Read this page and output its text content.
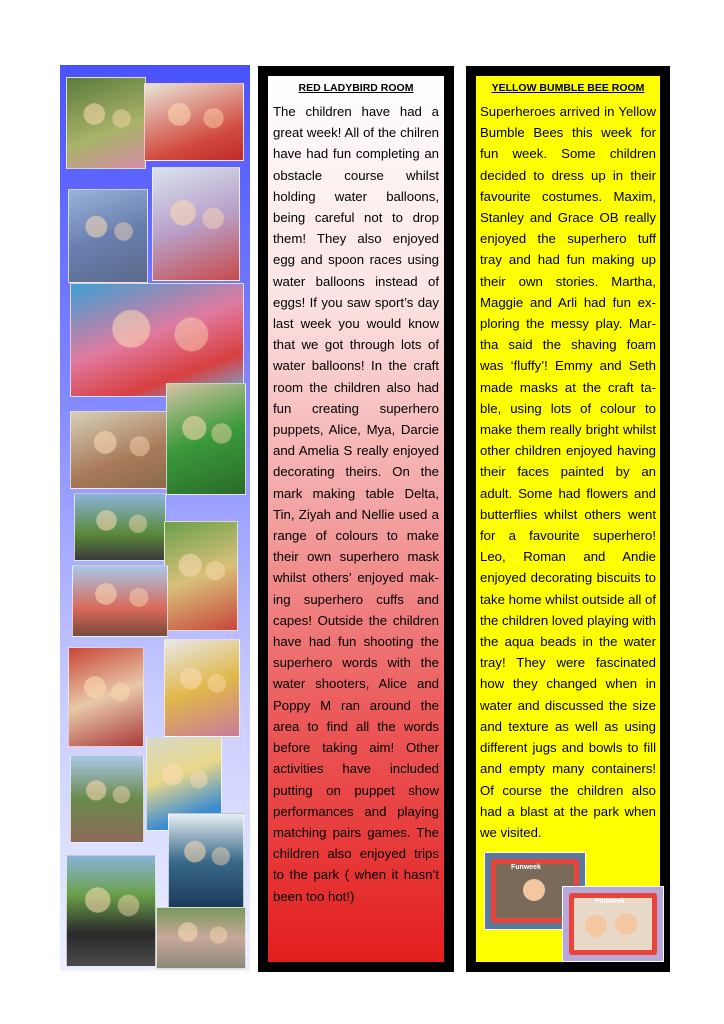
RED LADYBIRD ROOM
The children have had a great week! All of the chilren have had fun completing an obstacle course whilst holding water balloons, being careful not to drop them! They also enjoyed egg and spoon races using water balloons instead of eggs! If you saw sport’s day last week you would know that we got through lots of water balloons! In the craft room the children also had fun creating superhero puppets, Alice, Mya, Darcie and Amelia S really enjoyed decorating theirs. On the mark making table Delta, Tin, Ziyah and Nellie used a range of colours to make their own superhero mask whilst others’ enjoyed making superhero cuffs and capes! Outside the children have had fun shooting the superhero words with the water shooters, Alice and Poppy M ran around the area to find all the words before taking aim! Other activities have included putting on puppet show performances and playing matching pairs games. The children also enjoyed trips to the park ( when it hasn’t been too hot!)
YELLOW BUMBLE BEE ROOM
Superheroes arrived in Yellow Bumble Bees this week for fun week. Some children decided to dress up in their favourite costumes. Maxim, Stanley and Grace OB really enjoyed the superhero tuff tray and had fun making up their own stories. Martha, Maggie and Arli had fun exploring the messy play. Martha said the shaving foam was ‘fluffy’! Emmy and Seth made masks at the craft table, using lots of colour to make them really bright whilst other children enjoyed having their faces painted by an adult. Some had flowers and butterflies whilst others went for a favourite superhero! Leo, Roman and Andie enjoyed decorating biscuits to take home whilst outside all of the children loved playing with the aqua beads in the water tray! They were fascinated how they changed when in water and discussed the size and texture as well as using different jugs and bowls to fill and empty many containers! Of course the children also had a blast at the park when we visited.
Funweek
Funweek
